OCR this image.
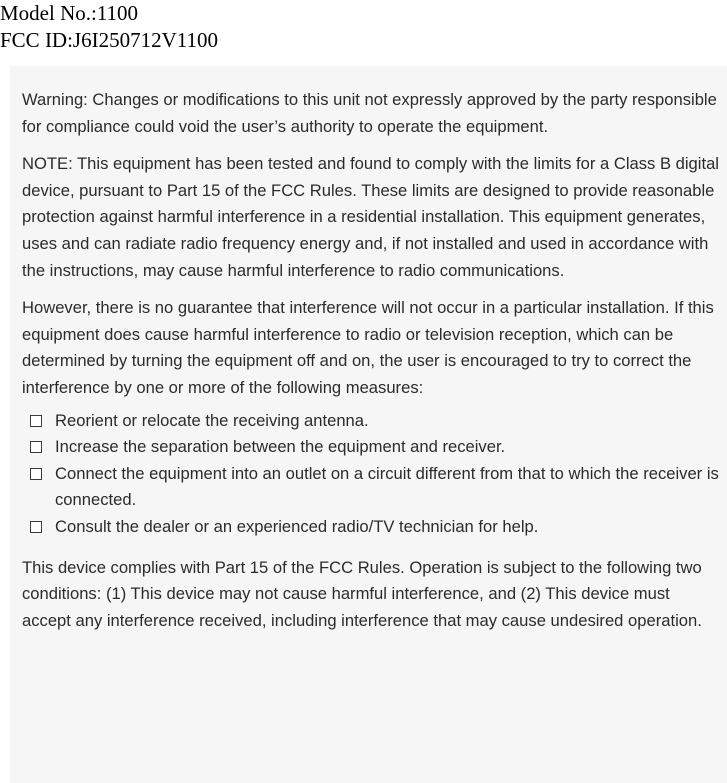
Model No.:1100
FCC ID:J6I250712V1100

Warning: Changes or modifications to this unit not expressly approved by the party responsible for compliance could void the user’s authority to operate the equipment.

NOTE: This equipment has been tested and found to comply with the limits for a Class B digital device, pursuant to Part 15 of the FCC Rules. These limits are designed to provide reasonable protection against harmful interference in a residential installation. This equipment generates, uses and can radiate radio frequency energy and, if not installed and used in accordance with the instructions, may cause harmful interference to radio communications.

However, there is no guarantee that interference will not occur in a particular installation. If this equipment does cause harmful interference to radio or television reception, which can be determined by turning the equipment off and on, the user is encouraged to try to correct the interference by one or more of the following measures:

Reorient or relocate the receiving antenna.
Increase the separation between the equipment and receiver.
Connect the equipment into an outlet on a circuit different from that to which the receiver is connected.
Consult the dealer or an experienced radio/TV technician for help.

This device complies with Part 15 of the FCC Rules. Operation is subject to the following two conditions: (1) This device may not cause harmful interference, and (2) This device must accept any interference received, including interference that may cause undesired operation.
